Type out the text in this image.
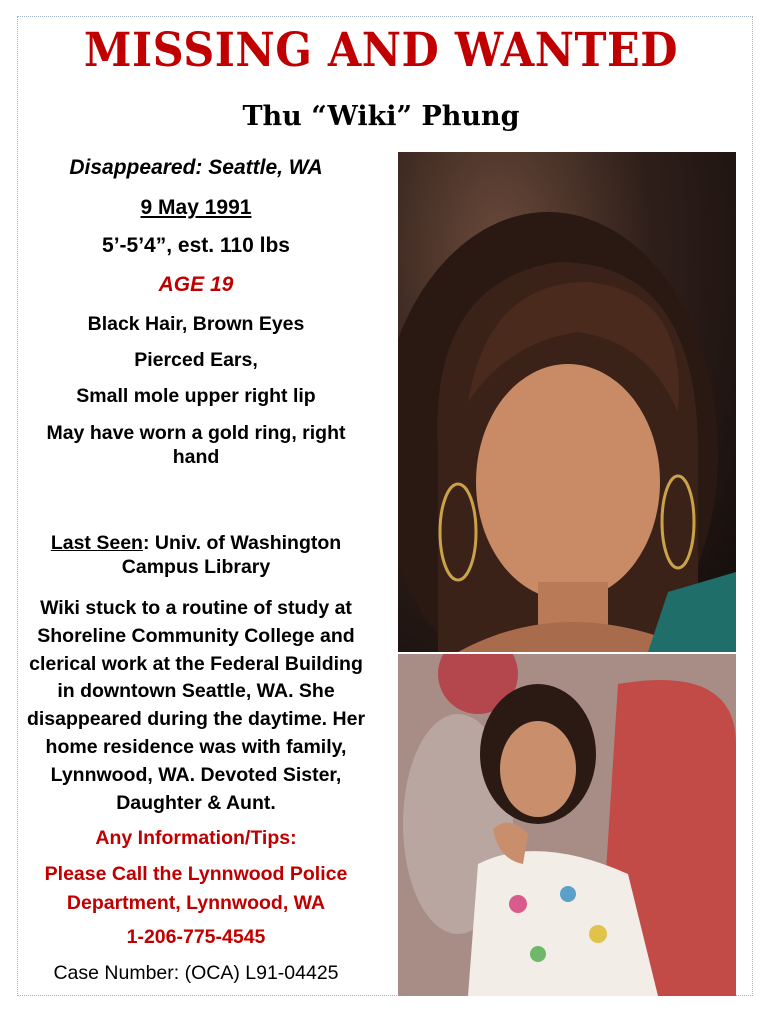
MISSING AND WANTED
Thu “Wiki” Phung
Disappeared: Seattle, WA
9 May 1991
5’-5’4”, est. 110 lbs
AGE 19
Black Hair, Brown Eyes
Pierced Ears,
Small mole upper right lip
May have worn a gold ring, right hand
Last Seen: Univ. of Washington Campus Library
Wiki stuck to a routine of study at Shoreline Community College and clerical work at the Federal Building in downtown Seattle, WA. She disappeared during the daytime. Her home residence was with family, Lynnwood, WA. Devoted Sister, Daughter & Aunt.
Any Information/Tips:
Please Call the Lynnwood Police Department, Lynnwood, WA
1-206-775-4545
Case Number: (OCA) L91-04425
